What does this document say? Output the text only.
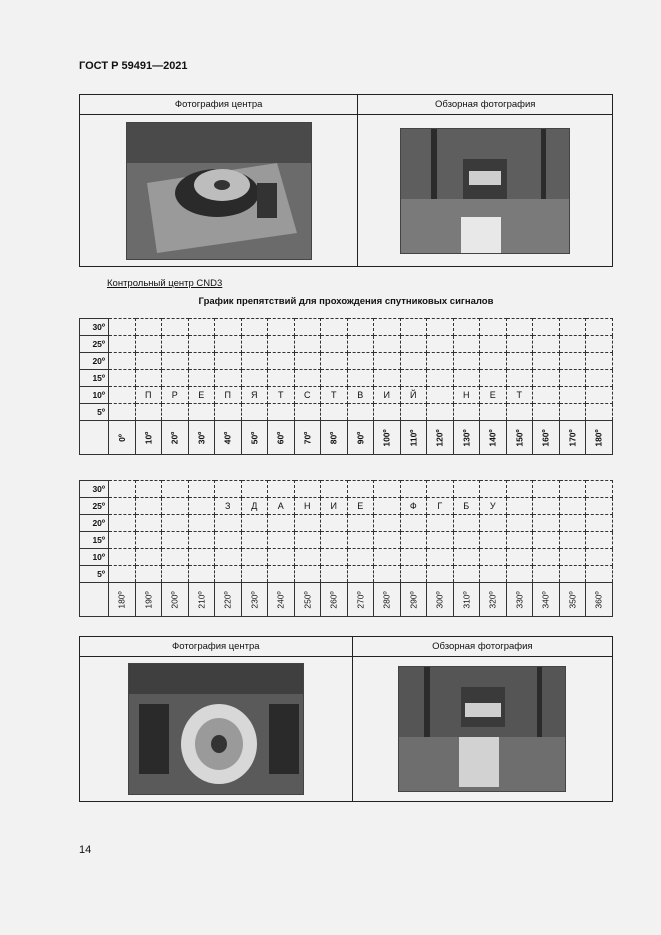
ГОСТ Р 59491—2021
Фотография центра	Обзорная фотография

Контрольный центр CND3
График препятствий для прохождения спутниковых сигналов
30º																			
25º																			
20º																			
15º																			
10º		П	Р	Е	П	Я	Т	С	Т	В	И	Й		Н	Е	Т			
5º																			
	0º	10º	20º	30º	40º	50º	60º	70º	80º	90º	100º	110º	120º	130º	140º	150º	160º	170º	180º
30º																			
25º					З	Д	А	Н	И	Е		Ф	Г	Б	У				
20º																			
15º																			
10º																			
5º																			
	180º	190º	200º	210º	220º	230º	240º	250º	260º	270º	280º	290º	300º	310º	320º	330º	340º	350º	360º
Фотография центра	Обзорная фотография

14
